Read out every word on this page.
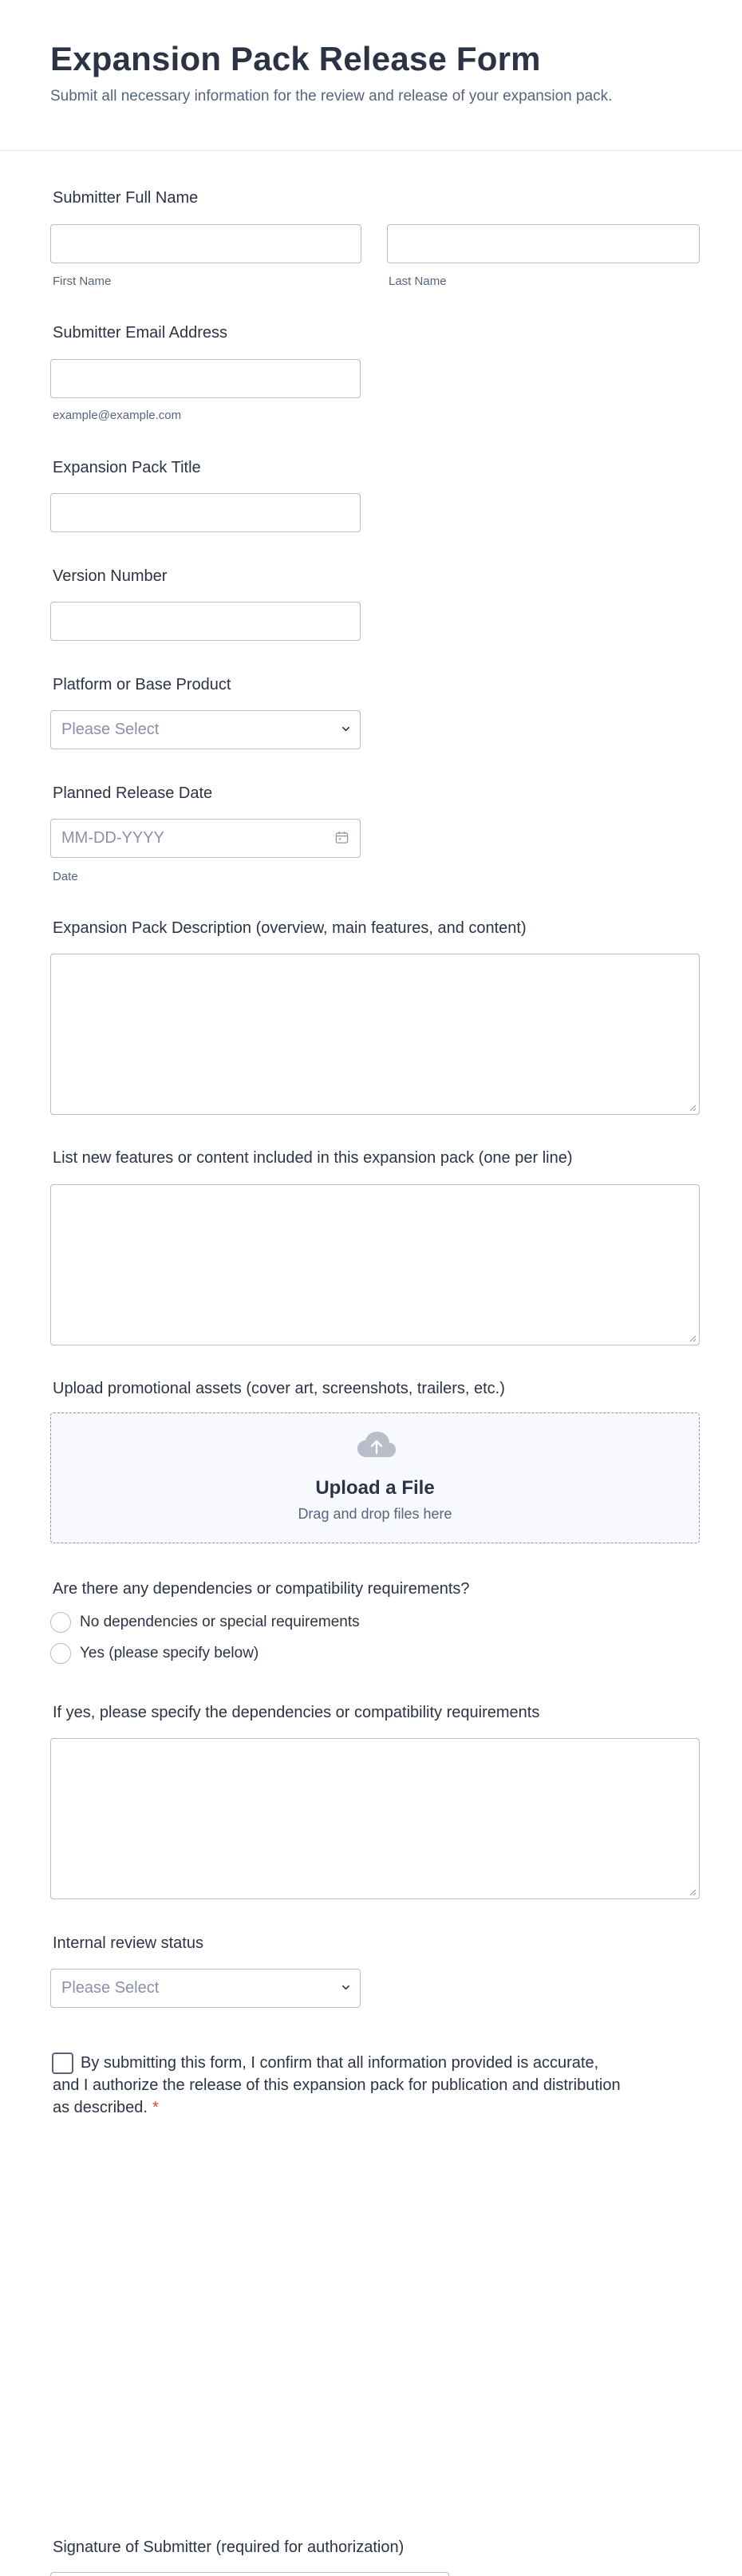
Expansion Pack Release Form

Submit all necessary information for the review and release of your expansion pack.

Submitter Full Name
First Name	Last Name
Submitter Email Address
example@example.com
Expansion Pack Title
Version Number
Platform or Base Product
Please Select
Planned Release Date
MM-DD-YYYY
Date
Expansion Pack Description (overview, main features, and content)
List new features or content included in this expansion pack (one per line)
Upload promotional assets (cover art, screenshots, trailers, etc.)
Upload a File
Drag and drop files here
Are there any dependencies or compatibility requirements?
No dependencies or special requirements
Yes (please specify below)
If yes, please specify the dependencies or compatibility requirements
Internal review status
Please Select
By submitting this form, I confirm that all information provided is accurate, and I authorize the release of this expansion pack for publication and distribution as described. *
Signature of Submitter (required for authorization)
